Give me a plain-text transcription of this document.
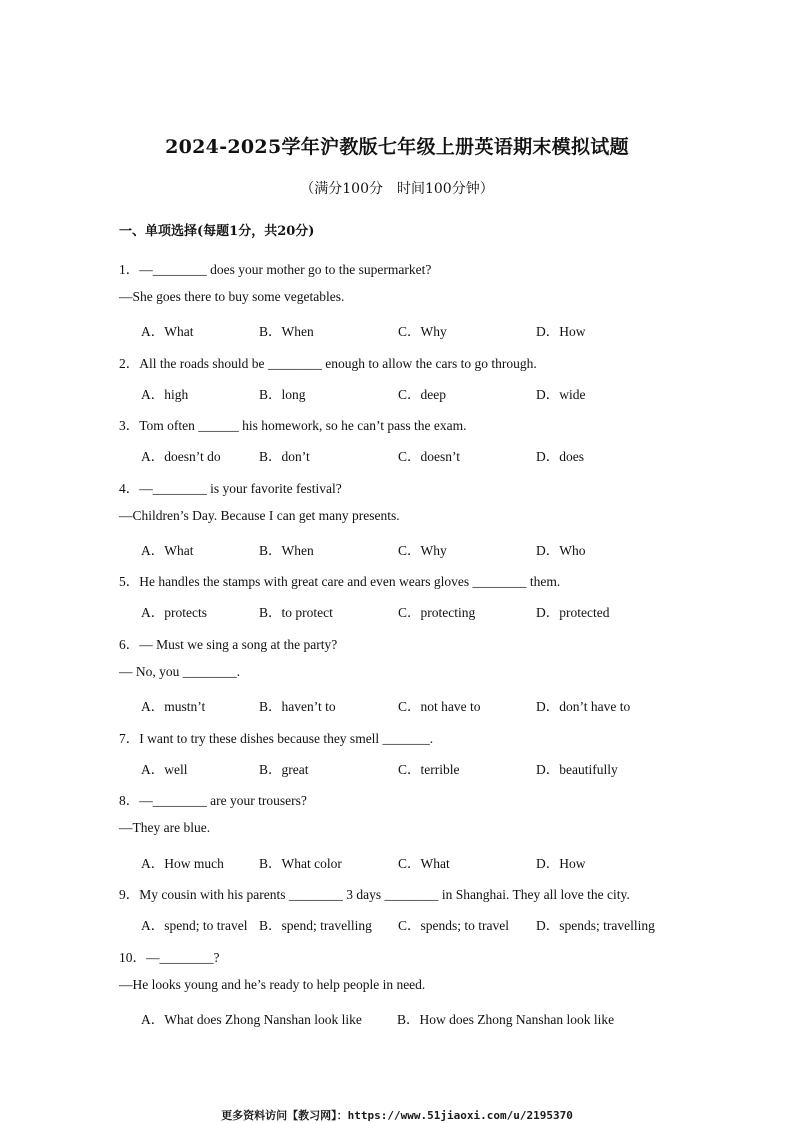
2024-2025学年沪教版七年级上册英语期末模拟试题
（满分100分　时间100分钟）
一、单项选择(每题1分，共20分)
1．—________ does your mother go to the supermarket?
—She goes there to buy some vegetables.
A．What	B．When	C．Why	D．How
2．All the roads should be ________ enough to allow the cars to go through.
A．high	B．long	C．deep	D．wide
3．Tom often ______ his homework, so he can’t pass the exam.
A．doesn’t do	B．don’t	C．doesn’t	D．does
4．—________ is your favorite festival?
—Children’s Day. Because I can get many presents.
A．What	B．When	C．Why	D．Who
5．He handles the stamps with great care and even wears gloves ________ them.
A．protects	B．to protect	C．protecting	D．protected
6．— Must we sing a song at the party?
— No, you ________.
A．mustn’t	B．haven’t to	C．not have to	D．don’t have to
7．I want to try these dishes because they smell _______.
A．well	B．great	C．terrible	D．beautifully
8．—________ are your trousers?
—They are blue.
A．How much	B．What color	C．What	D．How
9．My cousin with his parents ________ 3 days ________ in Shanghai. They all love the city.
A．spend; to travel B．spend; travelling C．spends; to travel D．spends; travelling
10．—________?
—He looks young and he’s ready to help people in need.
A．What does Zhong Nanshan look like	B．How does Zhong Nanshan look like
更多资料访问【教习网】：https://www.51jiaoxi.com/u/2195370
